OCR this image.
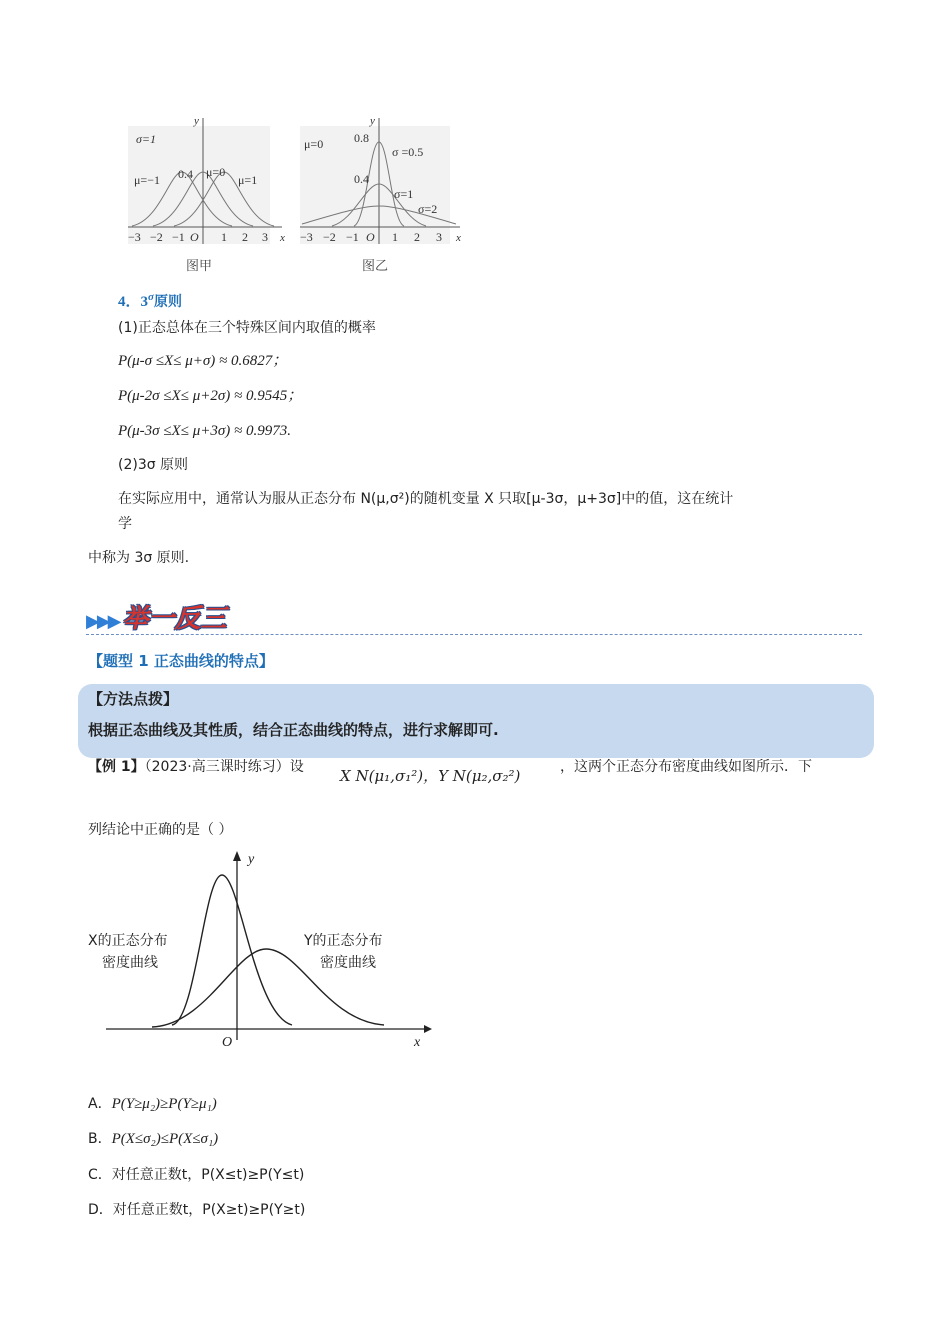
σ=1
μ=−1 0.4 μ=0
μ=1
y
x
−3 −2 −1 O 1 2 3
图甲
μ=0	0.8
σ =0.5
0.4
σ=1
σ=2
y
x
−3 −2 −1 O 1 2 3
图乙
4．$3^\sigma$原则
(1)正态总体在三个特殊区间内取值的概率
P(μ-σ ≤X≤ μ+σ) ≈ 0.6827；
P(μ-2σ ≤X≤ μ+2σ) ≈ 0.9545；
P(μ-3σ ≤X≤ μ+3σ) ≈ 0.9973.
(2)3σ 原则
在实际应用中，通常认为服从正态分布 N(μ,σ²)的随机变量 X 只取[μ-3σ，μ+3σ]中的值，这在统计
学
中称为 3σ 原则.
▶▶▶ 举一反三
【题型 1 正态曲线的特点】
【方法点拨】
根据正态曲线及其性质，结合正态曲线的特点，进行求解即可.
【例 1】（2023·高三课时练习）设 X N(μ₁,σ₁²)，Y N(μ₂,σ₂²)	，这两个正态分布密度曲线如图所示．下
列结论中正确的是（ ）
y
x
O
X的正态分布
密度曲线
Y的正态分布
密度曲线
A．P(Y≥μ₂)≥P(Y≥μ₁)
B．P(X≤σ₂)≤P(X≤σ₁)
C．对任意正数t，P(X≤t)≥P(Y≤t)
D．对任意正数t，P(X≥t)≥P(Y≥t)
